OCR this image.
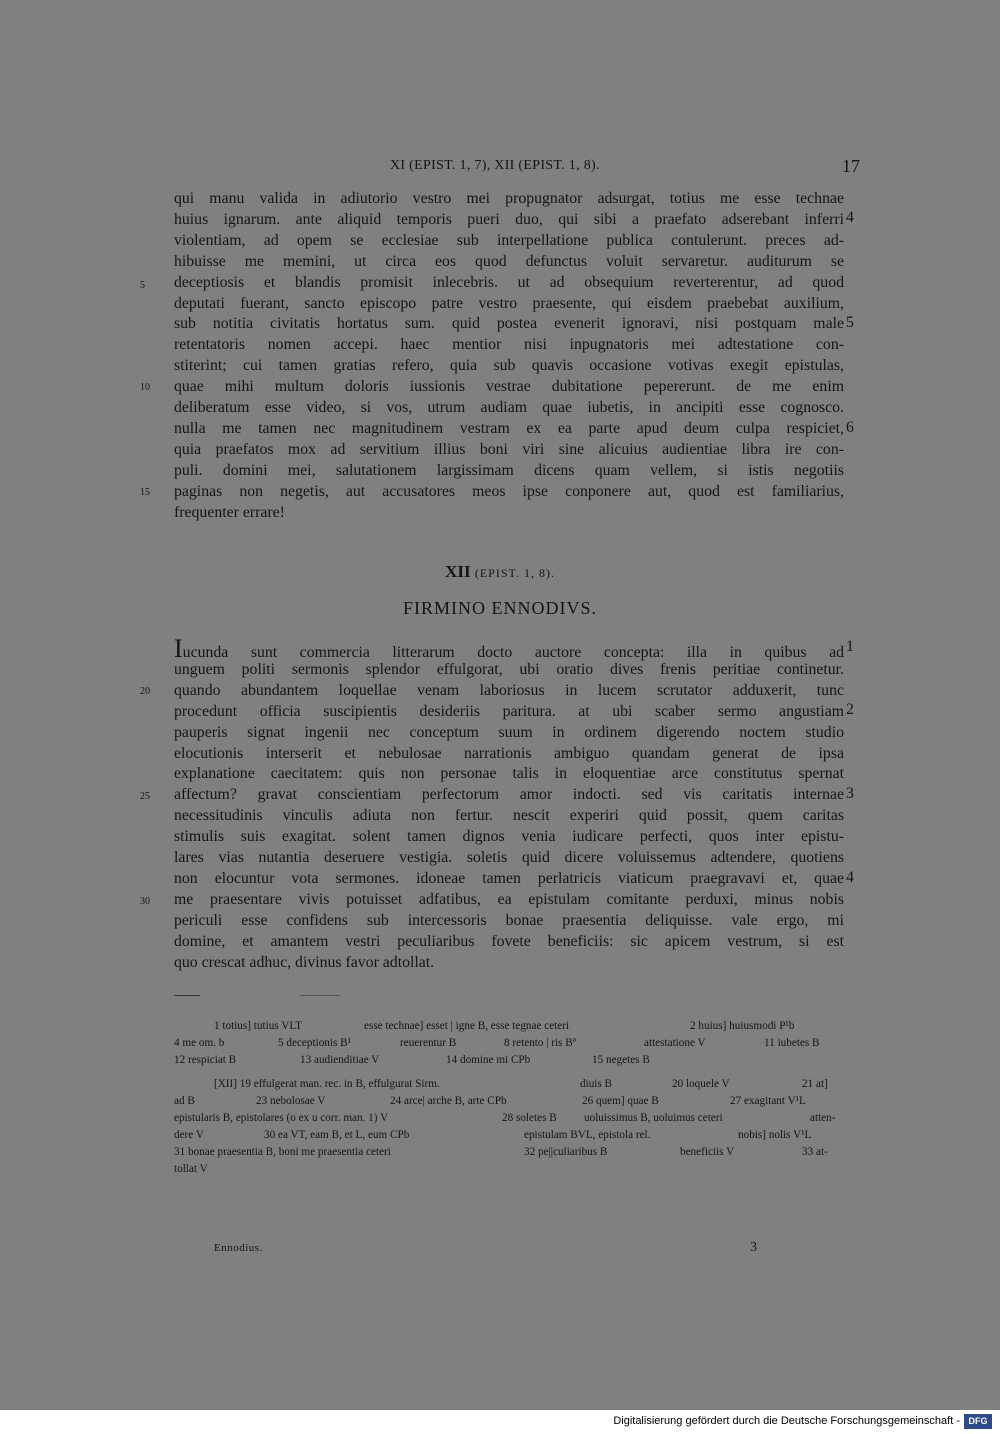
XI (EPIST. 1, 7), XII (EPIST. 1, 8).	17
qui manu valida in adiutorio vestro mei propugnator adsurgat, totius me esse technae
huius ignarum. ante aliquid temporis pueri duo, qui sibi a praefato adserebant inferri
violentiam, ad opem se ecclesiae sub interpellatione publica contulerunt. preces ad-
hibuisse me memini, ut circa eos quod defunctus voluit servaretur. auditurum se
deceptiosis et blandis promisit inlecebris. ut ad obsequium reverterentur, ad quod
deputati fuerant, sancto episcopo patre vestro praesente, qui eisdem praebebat auxilium,
sub notitia civitatis hortatus sum. quid postea evenerit ignoravi, nisi postquam male
retentatoris nomen accepi. haec mentior nisi inpugnatoris mei adtestatione con-
stiterint; cui tamen gratias refero, quia sub quavis occasione votivas exegit epistulas,
quae mihi multum doloris iussionis vestrae dubitatione pepererunt. de me enim
deliberatum esse video, si vos, utrum audiam quae iubetis, in ancipiti esse cognosco.
nulla me tamen nec magnitudinem vestram ex ea parte apud deum culpa respiciet,
quia praefatos mox ad servitium illius boni viri sine alicuius audientiae libra ire con-
puli. domini mei, salutationem largissimam dicens quam vellem, si istis negotiis
paginas non negetis, aut accusatores meos ipse conponere aut, quod est familiarius,
frequenter errare!
5
10
15
4
5
6
XII (EPIST. 1, 8).
FIRMINO ENNODIVS.
Iucunda sunt commercia litterarum docto auctore concepta: illa in quibus ad
unguem politi sermonis splendor effulgorat, ubi oratio dives frenis peritiae continetur.
quando abundantem loquellae venam laboriosus in lucem scrutator adduxerit, tunc
procedunt officia suscipientis desideriis paritura. at ubi scaber sermo angustiam
pauperis signat ingenii nec conceptum suum in ordinem digerendo noctem studio
elocutionis interserit et nebulosae narrationis ambiguo quandam generat de ipsa
explanatione caecitatem: quis non personae talis in eloquentiae arce constitutus spernat
affectum? gravat conscientiam perfectorum amor indocti. sed vis caritatis internae
necessitudinis vinculis adiuta non fertur. nescit experiri quid possit, quem caritas
stimulis suis exagitat. solent tamen dignos venia iudicare perfecti, quos inter epistu-
lares vias nutantia deseruere vestigia. soletis quid dicere voluissemus adtendere, quotiens
non elocuntur vota sermones. idoneae tamen perlatricis viaticum praegravavi et, quae
me praesentare vivis potuisset adfatibus, ea epistulam comitante perduxi, minus nobis
periculi esse confidens sub intercessoris bonae praesentia deliquisse. vale ergo, mi
domine, et amantem vestri peculiaribus fovete beneficiis: sic apicem vestrum, si est
quo crescat adhuc, divinus favor adtollat.
20
25
30
1
2
3
4
1 totius] tutius VLT	esse technae] esset | igne B, esse tegnae ceteri	2 huius] huiusmodi P¹b
4 me om. b	5 deceptionis B¹	reuerentur B	8 retento | ris Bª	attestatione V	11 iubetes B
12 respiciat B	13 audienditiae V	14 domine mi CPb	15 negetes B
[XII] 19 effulgerat man. rec. in B, effulgurat Sirm.	diuis B	20 loquele V	21 at]
ad B	23 nebolosae V	24 arce| arche B, arte CPb	26 quem] quae B	27 exagitant V¹L
epistularis B, epistolares (o ex u corr. man. 1) V	28 soletes B uoluissimus B, uoluimus ceteri	atten-
dere V	30 ea VT, eam B, et L, eum CPb	epistulam BVL, epistola rel.	nobis] nolis V¹L
31 bonae praesentia B, boni me praesentia ceteri	32 pe||culiaribus B	beneficiis V	33 at-
tollat V
Ennodius.	3
Digitalisierung gefördert durch die Deutsche Forschungsgemeinschaft - DFG
